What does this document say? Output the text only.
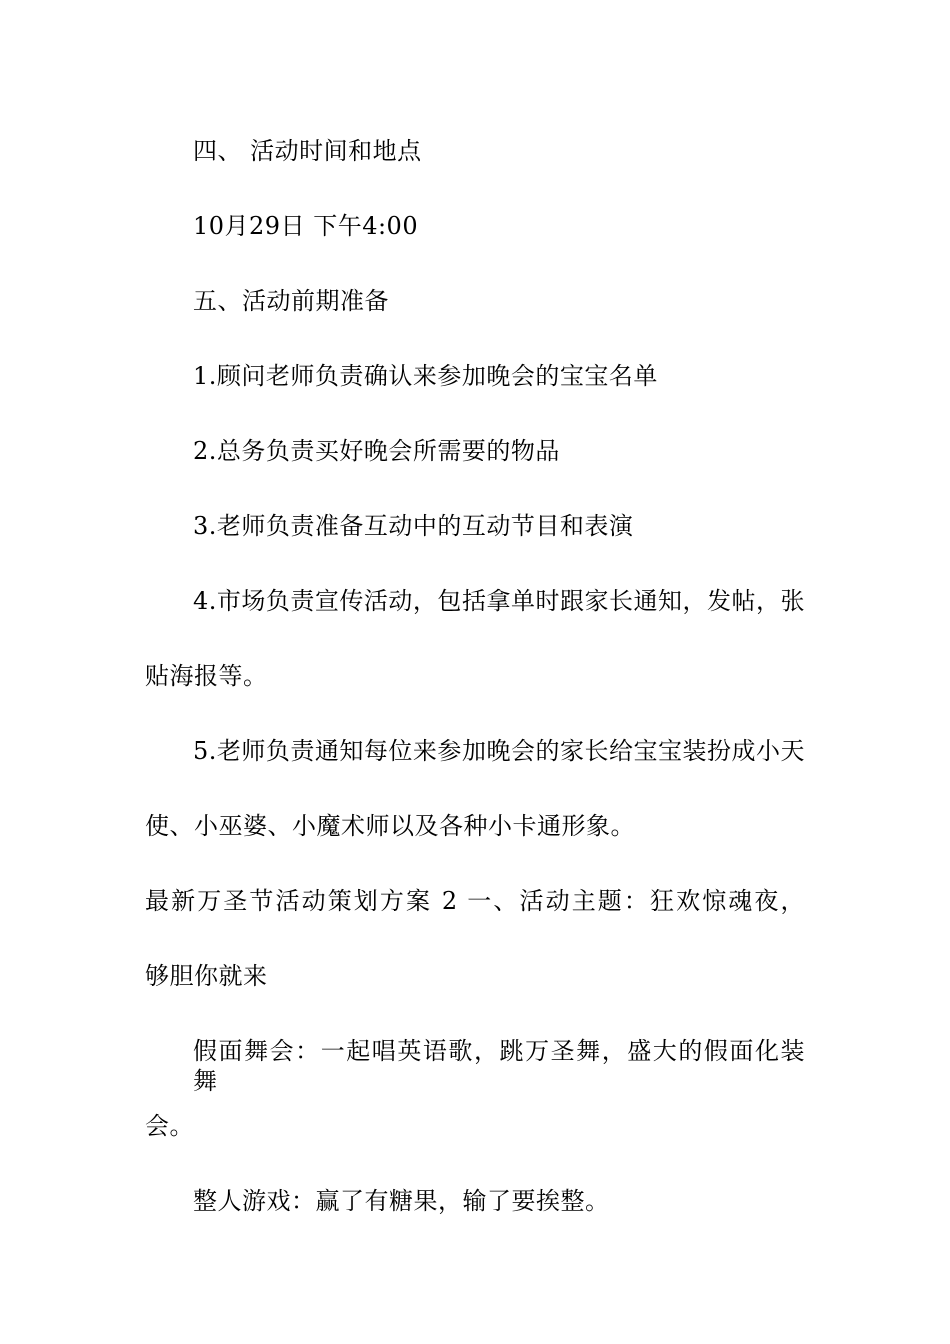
四、 活动时间和地点
10月29日 下午4:00
五、活动前期准备
1.顾问老师负责确认来参加晚会的宝宝名单
2.总务负责买好晚会所需要的物品
3.老师负责准备互动中的互动节目和表演
4.市场负责宣传活动，包括拿单时跟家长通知，发帖，张
贴海报等。
5.老师负责通知每位来参加晚会的家长给宝宝装扮成小天
使、小巫婆、小魔术师以及各种小卡通形象。
最新万圣节活动策划方案 2 一、活动主题：狂欢惊魂夜，
够胆你就来
假面舞会：一起唱英语歌，跳万圣舞，盛大的假面化装舞
会。
整人游戏：赢了有糖果，输了要挨整。
